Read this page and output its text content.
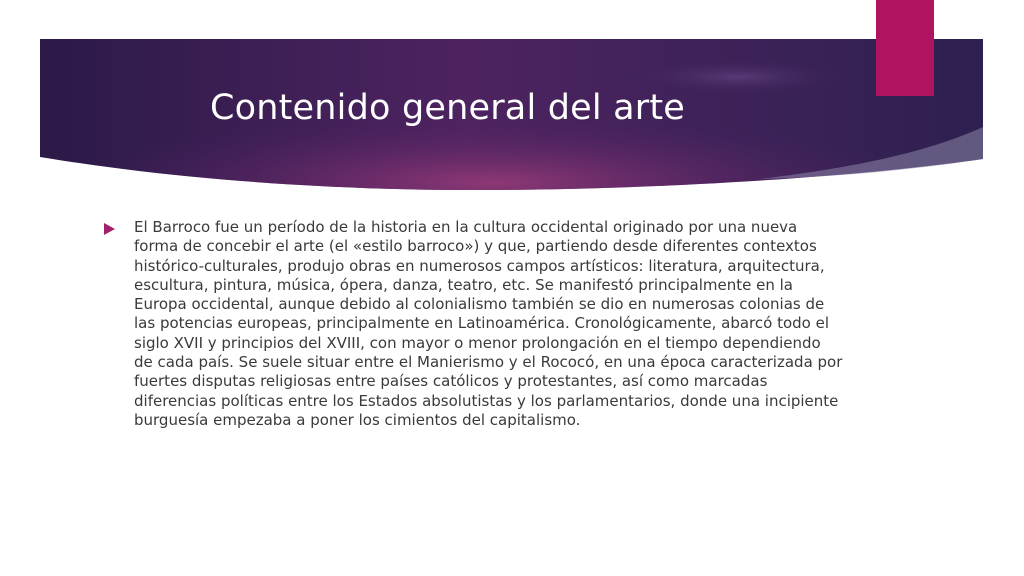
Contenido general del arte

El Barroco fue un período de la historia en la cultura occidental originado por una nueva forma de concebir el arte (el «estilo barroco») y que, partiendo desde diferentes contextos histórico-culturales, produjo obras en numerosos campos artísticos: literatura, arquitectura, escultura, pintura, música, ópera, danza, teatro, etc. Se manifestó principalmente en la Europa occidental, aunque debido al colonialismo también se dio en numerosas colonias de las potencias europeas, principalmente en Latinoamérica. Cronológicamente, abarcó todo el siglo XVII y principios del XVIII, con mayor o menor prolongación en el tiempo dependiendo de cada país. Se suele situar entre el Manierismo y el Rococó, en una época caracterizada por fuertes disputas religiosas entre países católicos y protestantes, así como marcadas diferencias políticas entre los Estados absolutistas y los parlamentarios, donde una incipiente burguesía empezaba a poner los cimientos del capitalismo.
